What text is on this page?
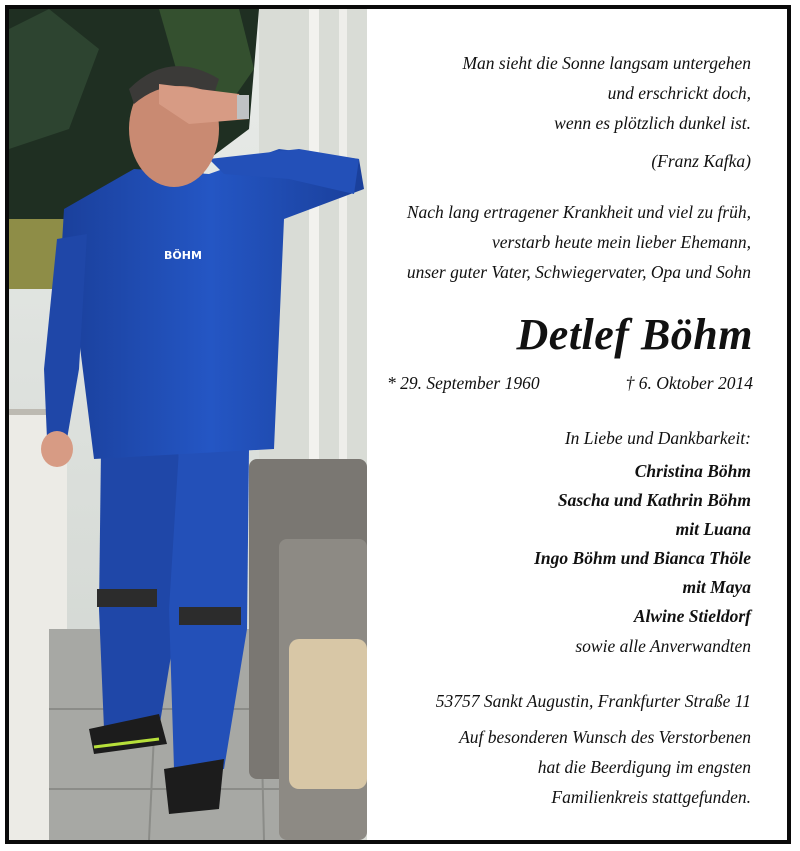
BÖHM
Man sieht die Sonne langsam untergehen
und erschrickt doch,
wenn es plötzlich dunkel ist.
(Franz Kafka)
Nach lang ertragener Krankheit und viel zu früh,
verstarb heute mein lieber Ehemann,
unser guter Vater, Schwiegervater, Opa und Sohn
Detlef Böhm
* 29. September 1960	† 6. Oktober 2014
In Liebe und Dankbarkeit:
Christina Böhm
Sascha und Kathrin Böhm
mit Luana
Ingo Böhm und Bianca Thöle
mit Maya
Alwine Stieldorf
sowie alle Anverwandten
53757 Sankt Augustin, Frankfurter Straße 11
Auf besonderen Wunsch des Verstorbenen
hat die Beerdigung im engsten
Familienkreis stattgefunden.
